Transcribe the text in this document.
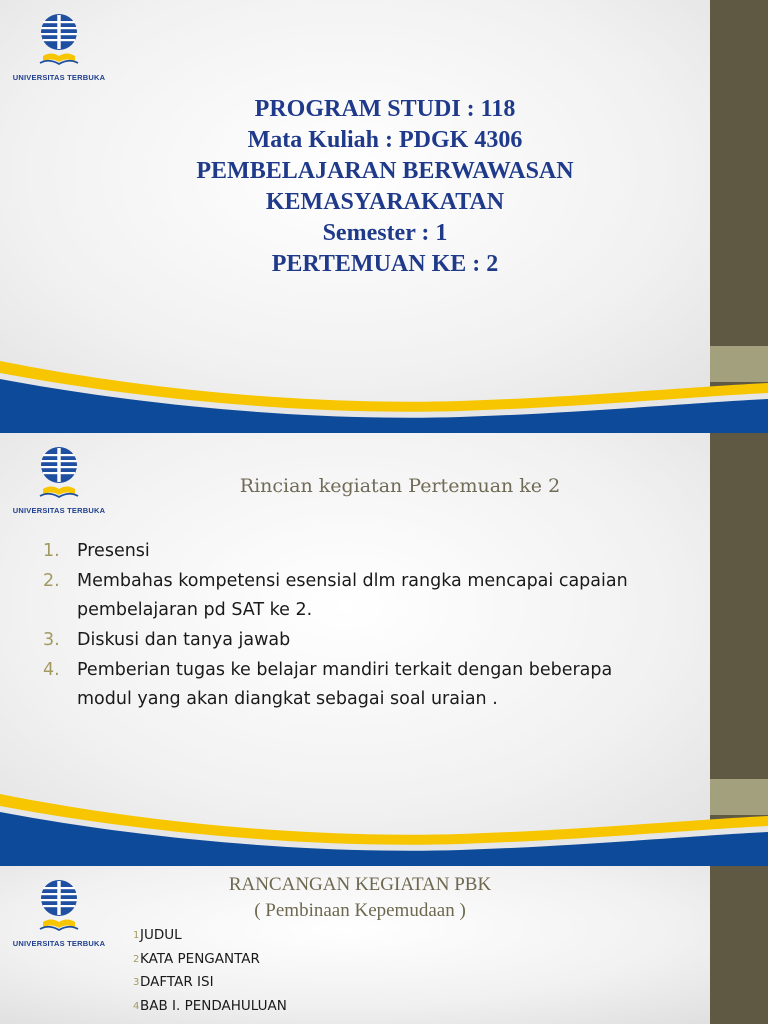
UNIVERSITAS TERBUKA
PROGRAM STUDI : 118
Mata Kuliah : PDGK 4306
PEMBELAJARAN BERWAWASAN
KEMASYARAKATAN
Semester : 1
PERTEMUAN KE : 2
UNIVERSITAS TERBUKA
Rincian kegiatan Pertemuan ke 2
1. Presensi
2. Membahas kompetensi esensial dlm rangka mencapai capaian pembelajaran pd SAT ke 2.
3. Diskusi dan tanya jawab
4. Pemberian tugas ke belajar mandiri terkait dengan beberapa modul yang akan diangkat sebagai soal uraian .
UNIVERSITAS TERBUKA
RANCANGAN KEGIATAN PBK
( Pembinaan Kepemudaan )
1 JUDUL
2 KATA PENGANTAR
3 DAFTAR ISI
4 BAB I. PENDAHULUAN
